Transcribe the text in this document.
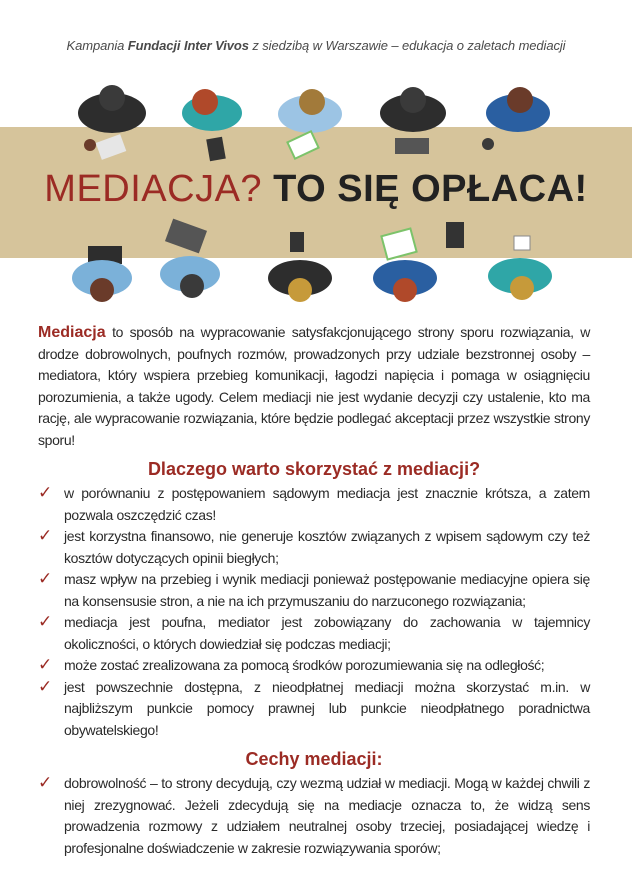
Kampania Fundacji Inter Vivos z siedzibą w Warszawie – edukacja o zaletach mediacji
MEDIACJA? TO SIĘ OPŁACA!

Mediacja to sposób na wypracowanie satysfakcjonującego strony sporu rozwiązania, w drodze dobrowolnych, poufnych rozmów, prowadzonych przy udziale bezstronnej osoby – mediatora, który wspiera przebieg komunikacji, łagodzi napięcia i pomaga w osiągnięciu porozumienia, a także ugody. Celem mediacji nie jest wydanie decyzji czy ustalenie, kto ma rację, ale wypracowanie rozwiązania, które będzie podlegać akceptacji przez wszystkie strony sporu!

Dlaczego warto skorzystać z mediacji?
✓ w porównaniu z postępowaniem sądowym mediacja jest znacznie krótsza, a zatem pozwala oszczędzić czas!
✓ jest korzystna finansowo, nie generuje kosztów związanych z wpisem sądowym czy też kosztów dotyczących opinii biegłych;
✓ masz wpływ na przebieg i wynik mediacji ponieważ postępowanie mediacyjne opiera się na konsensusie stron, a nie na ich przymuszaniu do narzuconego rozwiązania;
✓ mediacja jest poufna, mediator jest zobowiązany do zachowania w tajemnicy okoliczności, o których dowiedział się podczas mediacji;
✓ może zostać zrealizowana za pomocą środków porozumiewania się na odległość;
✓ jest powszechnie dostępna, z nieodpłatnej mediacji można skorzystać m.in. w najbliższym punkcie pomocy prawnej lub punkcie nieodpłatnego poradnictwa obywatelskiego!
Cechy mediacji:
✓ dobrowolność – to strony decydują, czy wezmą udział w mediacji. Mogą w każdej chwili z niej zrezygnować. Jeżeli zdecydują się na mediacje oznacza to, że widzą sens prowadzenia rozmowy z udziałem neutralnej osoby trzeciej, posiadającej wiedzę i profesjonalne doświadczenie w zakresie rozwiązywania sporów;
